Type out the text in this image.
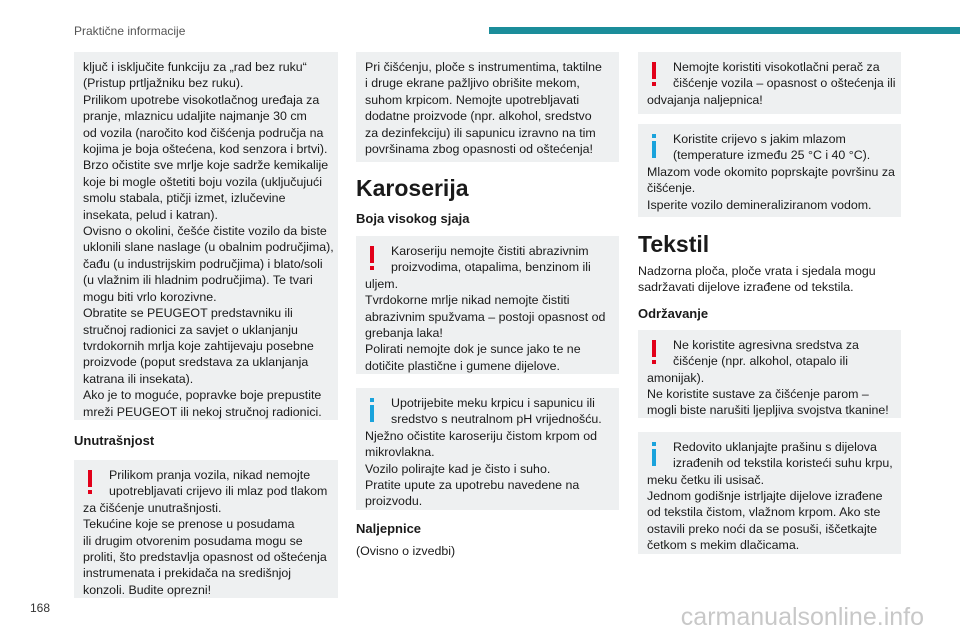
Praktične informacije
ključ i isključite funkciju za „rad bez ruku“
(Pristup prtljažniku bez ruku).
Prilikom upotrebe visokotlačnog uređaja za
pranje, mlaznicu udaljite najmanje 30 cm
od vozila (naročito kod čišćenja područja na
kojima je boja oštećena, kod senzora i brtvi).
Brzo očistite sve mrlje koje sadrže kemikalije
koje bi mogle oštetiti boju vozila (uključujući
smolu stabala, ptičji izmet, izlučevine
insekata, pelud i katran).
Ovisno o okolini, češće čistite vozilo da biste
uklonili slane naslage (u obalnim područjima),
čađu (u industrijskim područjima) i blato/soli
(u vlažnim ili hladnim područjima). Te tvari
mogu biti vrlo korozivne.
Obratite se PEUGEOT predstavniku ili
stručnoj radionici za savjet o uklanjanju
tvrdokornih mrlja koje zahtijevaju posebne
proizvode (poput sredstava za uklanjanja
katrana ili insekata).
Ako je to moguće, popravke boje prepustite
mreži PEUGEOT ili nekoj stručnoj radionici.
Unutrašnjost
Prilikom pranja vozila, nikad nemojte
upotrebljavati crijevo ili mlaz pod tlakom
za čišćenje unutrašnjosti.
Tekućine koje se prenose u posudama
ili drugim otvorenim posudama mogu se
proliti, što predstavlja opasnost od oštećenja
instrumenata i prekidača na središnjoj
konzoli. Budite oprezni!
Pri čišćenju, ploče s instrumentima, taktilne
i druge ekrane pažljivo obrišite mekom,
suhom krpicom. Nemojte upotrebljavati
dodatne proizvode (npr. alkohol, sredstvo
za dezinfekciju) ili sapunicu izravno na tim
površinama zbog opasnosti od oštećenja!
Karoserija
Boja visokog sjaja
Karoseriju nemojte čistiti abrazivnim
proizvodima, otapalima, benzinom ili
uljem.
Tvrdokorne mrlje nikad nemojte čistiti
abrazivnim spužvama – postoji opasnost od
grebanja laka!
Polirati nemojte dok je sunce jako te ne
dotičite plastične i gumene dijelove.
Upotrijebite meku krpicu i sapunicu ili
sredstvo s neutralnom pH vrijednošću.
Nježno očistite karoseriju čistom krpom od
mikrovlakna.
Vozilo polirajte kad je čisto i suho.
Pratite upute za upotrebu navedene na
proizvodu.
Naljepnice
(Ovisno o izvedbi)
Nemojte koristiti visokotlačni perač za
čišćenje vozila – opasnost o oštećenja ili
odvajanja naljepnica!
Koristite crijevo s jakim mlazom
(temperature između 25 °C i 40 °C).
Mlazom vode okomito poprskajte površinu za
čišćenje.
Isperite vozilo demineraliziranom vodom.
Tekstil
Nadzorna ploča, ploče vrata i sjedala mogu
sadržavati dijelove izrađene od tekstila.
Održavanje
Ne koristite agresivna sredstva za
čišćenje (npr. alkohol, otapalo ili
amonijak).
Ne koristite sustave za čišćenje parom –
mogli biste narušiti ljepljiva svojstva tkanine!
Redovito uklanjajte prašinu s dijelova
izrađenih od tekstila koristeći suhu krpu,
meku četku ili usisač.
Jednom godišnje istrljajte dijelove izrađene
od tekstila čistom, vlažnom krpom. Ako ste
ostavili preko noći da se posuši, iščetkajte
četkom s mekim dlačicama.
168	carmanualsonline.info
